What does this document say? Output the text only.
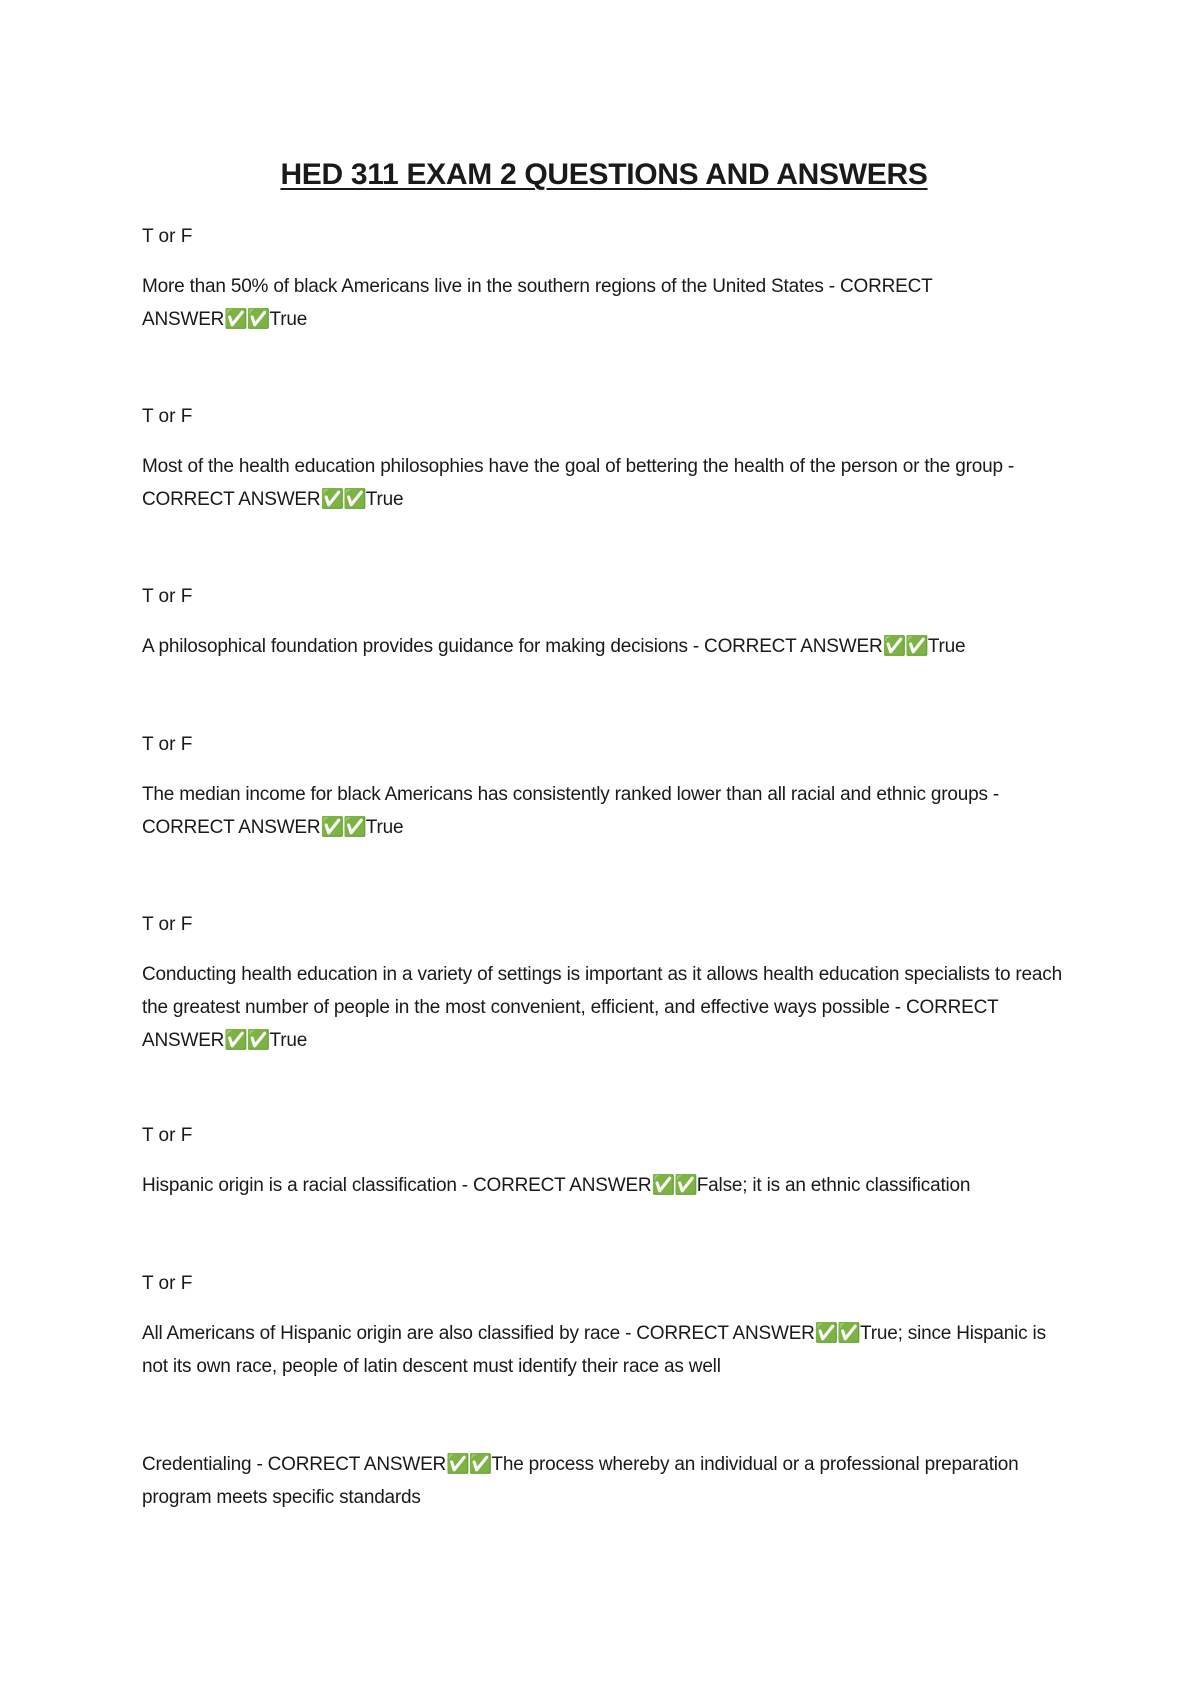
HED 311 EXAM 2 QUESTIONS AND ANSWERS

T or F

More than 50% of black Americans live in the southern regions of the United States - CORRECT ANSWER✅✅True

T or F

Most of the health education philosophies have the goal of bettering the health of the person or the group - CORRECT ANSWER✅✅True

T or F

A philosophical foundation provides guidance for making decisions - CORRECT ANSWER✅✅True

T or F

The median income for black Americans has consistently ranked lower than all racial and ethnic groups - CORRECT ANSWER✅✅True

T or F

Conducting health education in a variety of settings is important as it allows health education specialists to reach the greatest number of people in the most convenient, efficient, and effective ways possible - CORRECT ANSWER✅✅True

T or F

Hispanic origin is a racial classification - CORRECT ANSWER✅✅False; it is an ethnic classification

T or F

All Americans of Hispanic origin are also classified by race - CORRECT ANSWER✅✅True; since Hispanic is not its own race, people of latin descent must identify their race as well

Credentialing - CORRECT ANSWER✅✅The process whereby an individual or a professional preparation program meets specific standards
